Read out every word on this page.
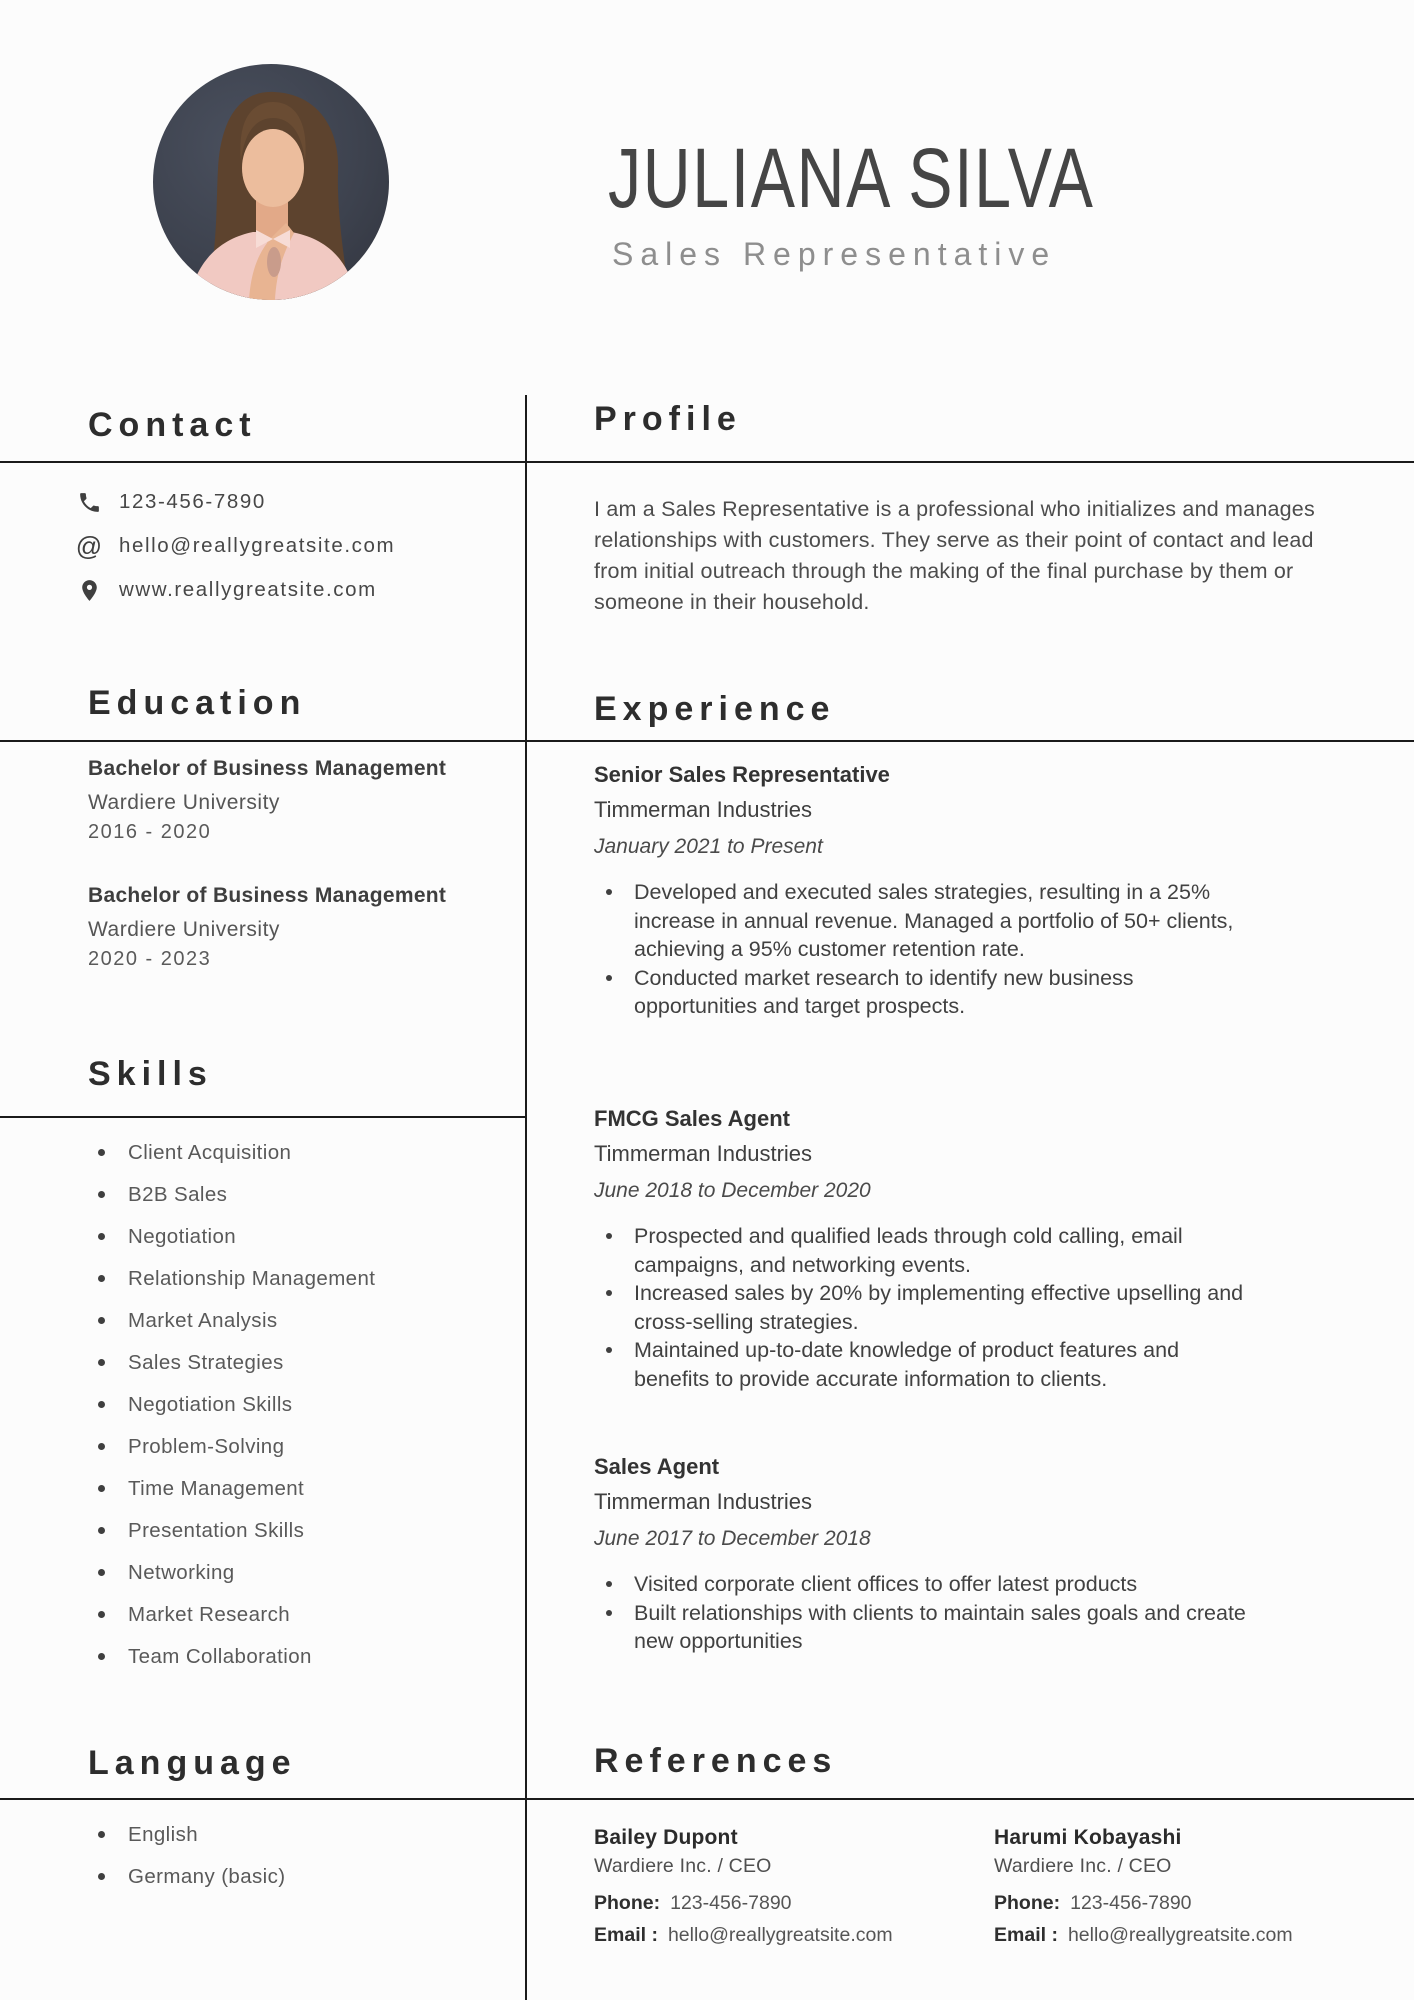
JULIANA SILVA
Sales Representative
Contact
123-456-7890
@ hello@reallygreatsite.com
www.reallygreatsite.com
Education
Bachelor of Business Management
Wardiere University
2016 - 2020
Bachelor of Business Management
Wardiere University
2020 - 2023
Skills
Client Acquisition
B2B Sales
Negotiation
Relationship Management
Market Analysis
Sales Strategies
Negotiation Skills
Problem-Solving
Time Management
Presentation Skills
Networking
Market Research
Team Collaboration
Language
English
Germany (basic)
Profile
I am a Sales Representative is a professional who initializes and manages relationships with customers. They serve as their point of contact and lead from initial outreach through the making of the final purchase by them or someone in their household.
Experience
Senior Sales Representative
Timmerman Industries
January 2021 to Present
Developed and executed sales strategies, resulting in a 25% increase in annual revenue. Managed a portfolio of 50+ clients, achieving a 95% customer retention rate.
Conducted market research to identify new business opportunities and target prospects.
FMCG Sales Agent
Timmerman Industries
June 2018 to December 2020
Prospected and qualified leads through cold calling, email campaigns, and networking events.
Increased sales by 20% by implementing effective upselling and cross-selling strategies.
Maintained up-to-date knowledge of product features and benefits to provide accurate information to clients.
Sales Agent
Timmerman Industries
June 2017 to December 2018
Visited corporate client offices to offer latest products
Built relationships with clients to maintain sales goals and create new opportunities
References
Bailey Dupont
Wardiere Inc. / CEO
Phone: 123-456-7890
Email : hello@reallygreatsite.com
Harumi Kobayashi
Wardiere Inc. / CEO
Phone: 123-456-7890
Email : hello@reallygreatsite.com
